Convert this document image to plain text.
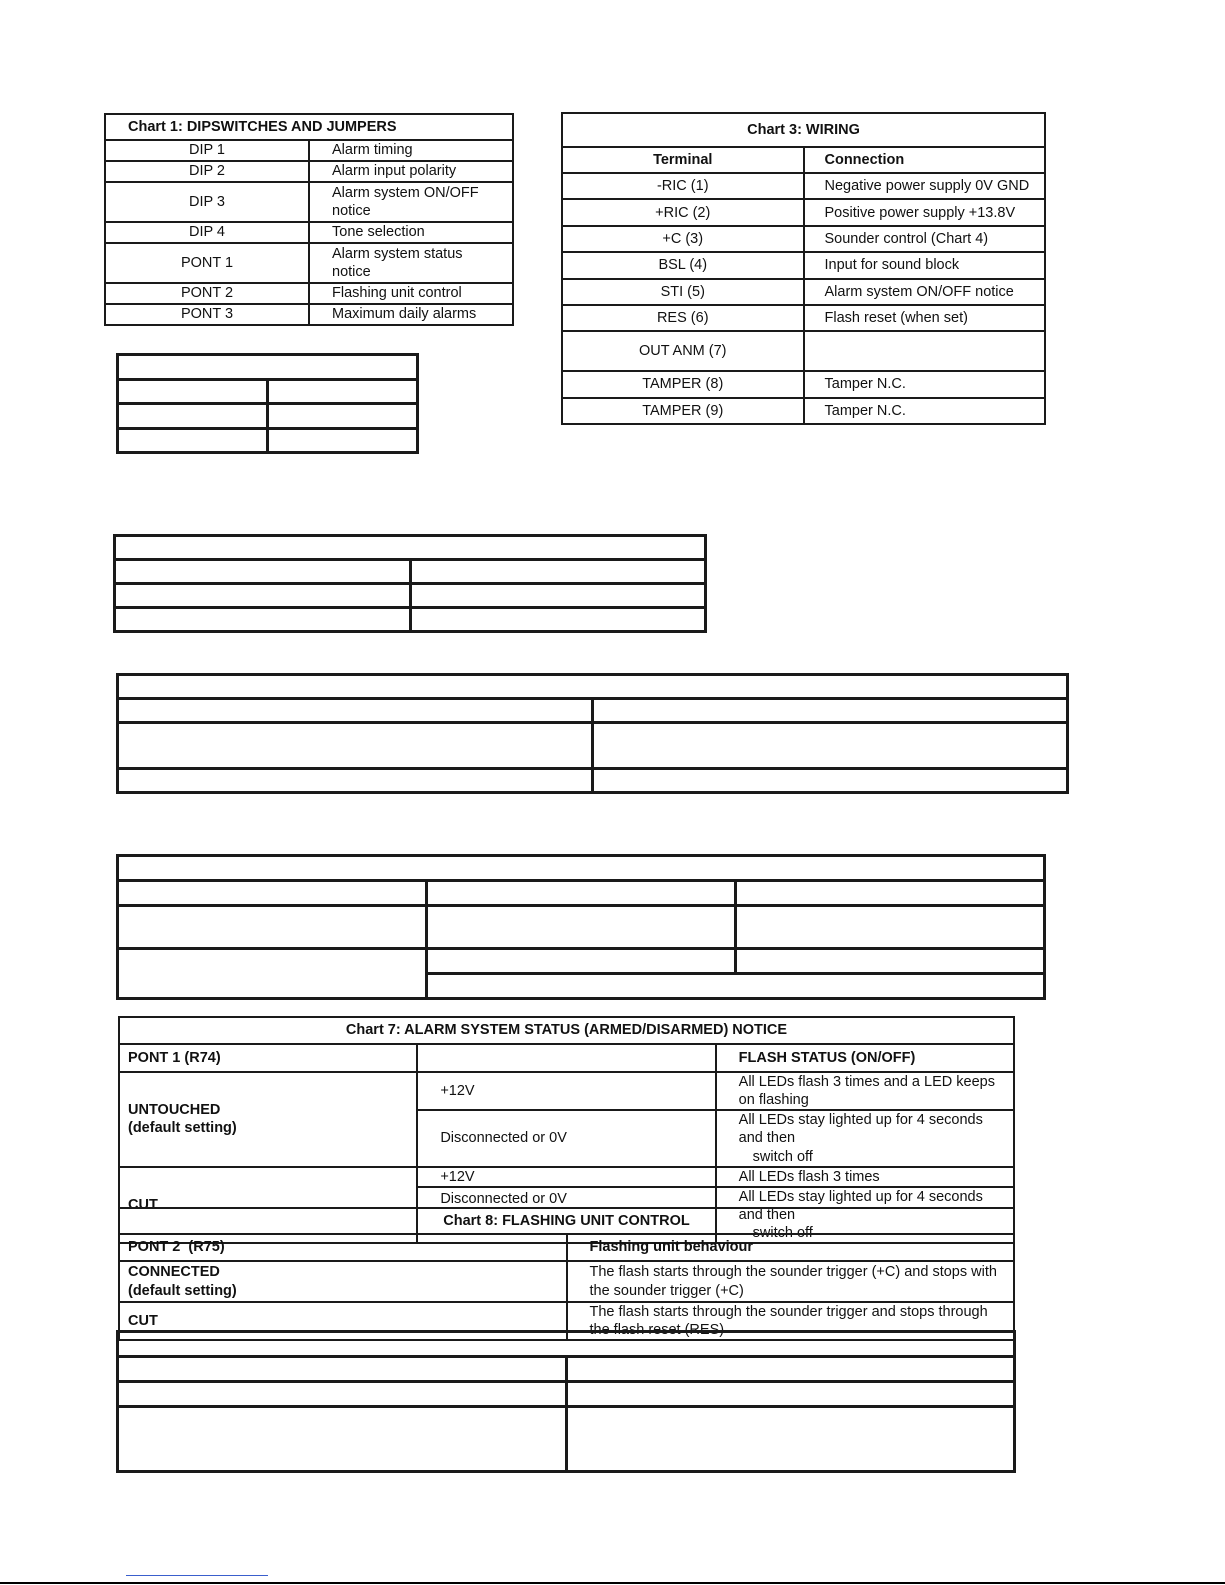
Chart 1: DIPSWITCHES AND JUMPERS	
DIP 1	Alarm timing
DIP 2	Alarm input polarity
DIP 3	Alarm system ON/OFF notice
DIP 4	Tone selection
PONT 1	Alarm system status notice
PONT 2	Flashing unit control
PONT 3	Maximum daily alarms
Chart 3: WIRING	
Terminal	Connection
-RIC (1)	Negative power supply 0V GND
+RIC (2)	Positive power supply +13.8V
+C (3)	Sounder control (Chart 4)
BSL (4)	Input for sound block
STI (5)	Alarm system ON/OFF notice
RES (6)	Flash reset (when set)
OUT ANM (7)	
TAMPER (8)	Tamper N.C.
TAMPER (9)	Tamper N.C.

Chart 7: ALARM SYSTEM STATUS (ARMED/DISARMED) NOTICE		
PONT 1 (R74)		FLASH STATUS (ON/OFF)
UNTOUCHED
(default setting)	+12V	All LEDs flash 3 times and a LED keeps on flashing
	Disconnected or 0V	All LEDs stay lighted up for 4 seconds and then
switch off
CUT	+12V	All LEDs flash 3 times
	Disconnected or 0V	All LEDs stay lighted up for 4 seconds and then
switch off
Chart 8: FLASHING UNIT CONTROL	
PONT 2  (R75)	Flashing unit behaviour
CONNECTED
(default setting)	The flash starts through the sounder trigger (+C) and stops with the sounder trigger (+C)
CUT	The flash starts through the sounder trigger and stops through the flash reset (RES)
